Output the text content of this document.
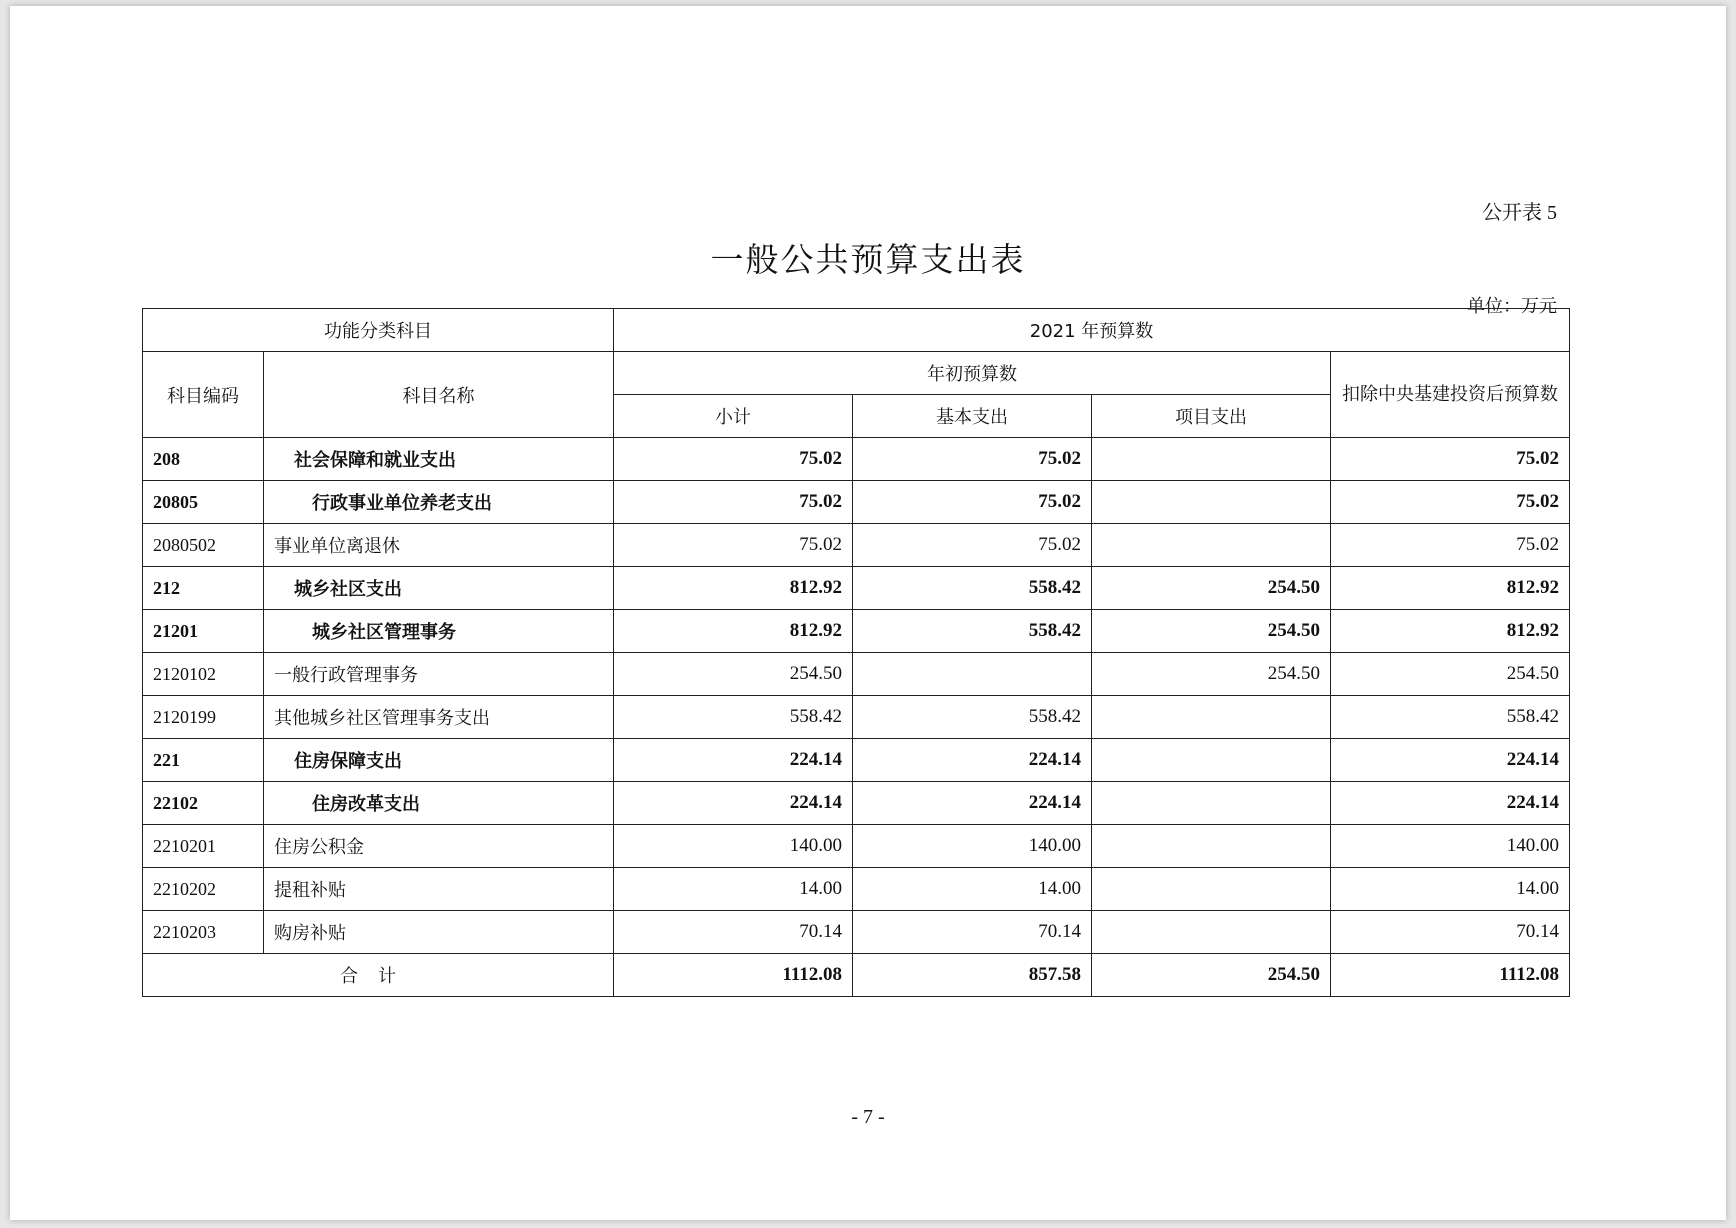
公开表 5
一般公共预算支出表
单位：万元
- 7 -
功能分类科目		2021 年预算数			
科目编码	科目名称	年初预算数			扣除中央基建投资后预算数
		小计	基本支出	项目支出	
208	社会保障和就业支出	75.02	75.02		75.02
20805	行政事业单位养老支出	75.02	75.02		75.02
2080502	事业单位离退休	75.02	75.02		75.02
212	城乡社区支出	812.92	558.42	254.50	812.92
21201	城乡社区管理事务	812.92	558.42	254.50	812.92
2120102	一般行政管理事务	254.50		254.50	254.50
2120199	其他城乡社区管理事务支出	558.42	558.42		558.42
221	住房保障支出	224.14	224.14		224.14
22102	住房改革支出	224.14	224.14		224.14
2210201	住房公积金	140.00	140.00		140.00
2210202	提租补贴	14.00	14.00		14.00
2210203	购房补贴	70.14	70.14		70.14
合计		1112.08	857.58	254.50	1112.08
